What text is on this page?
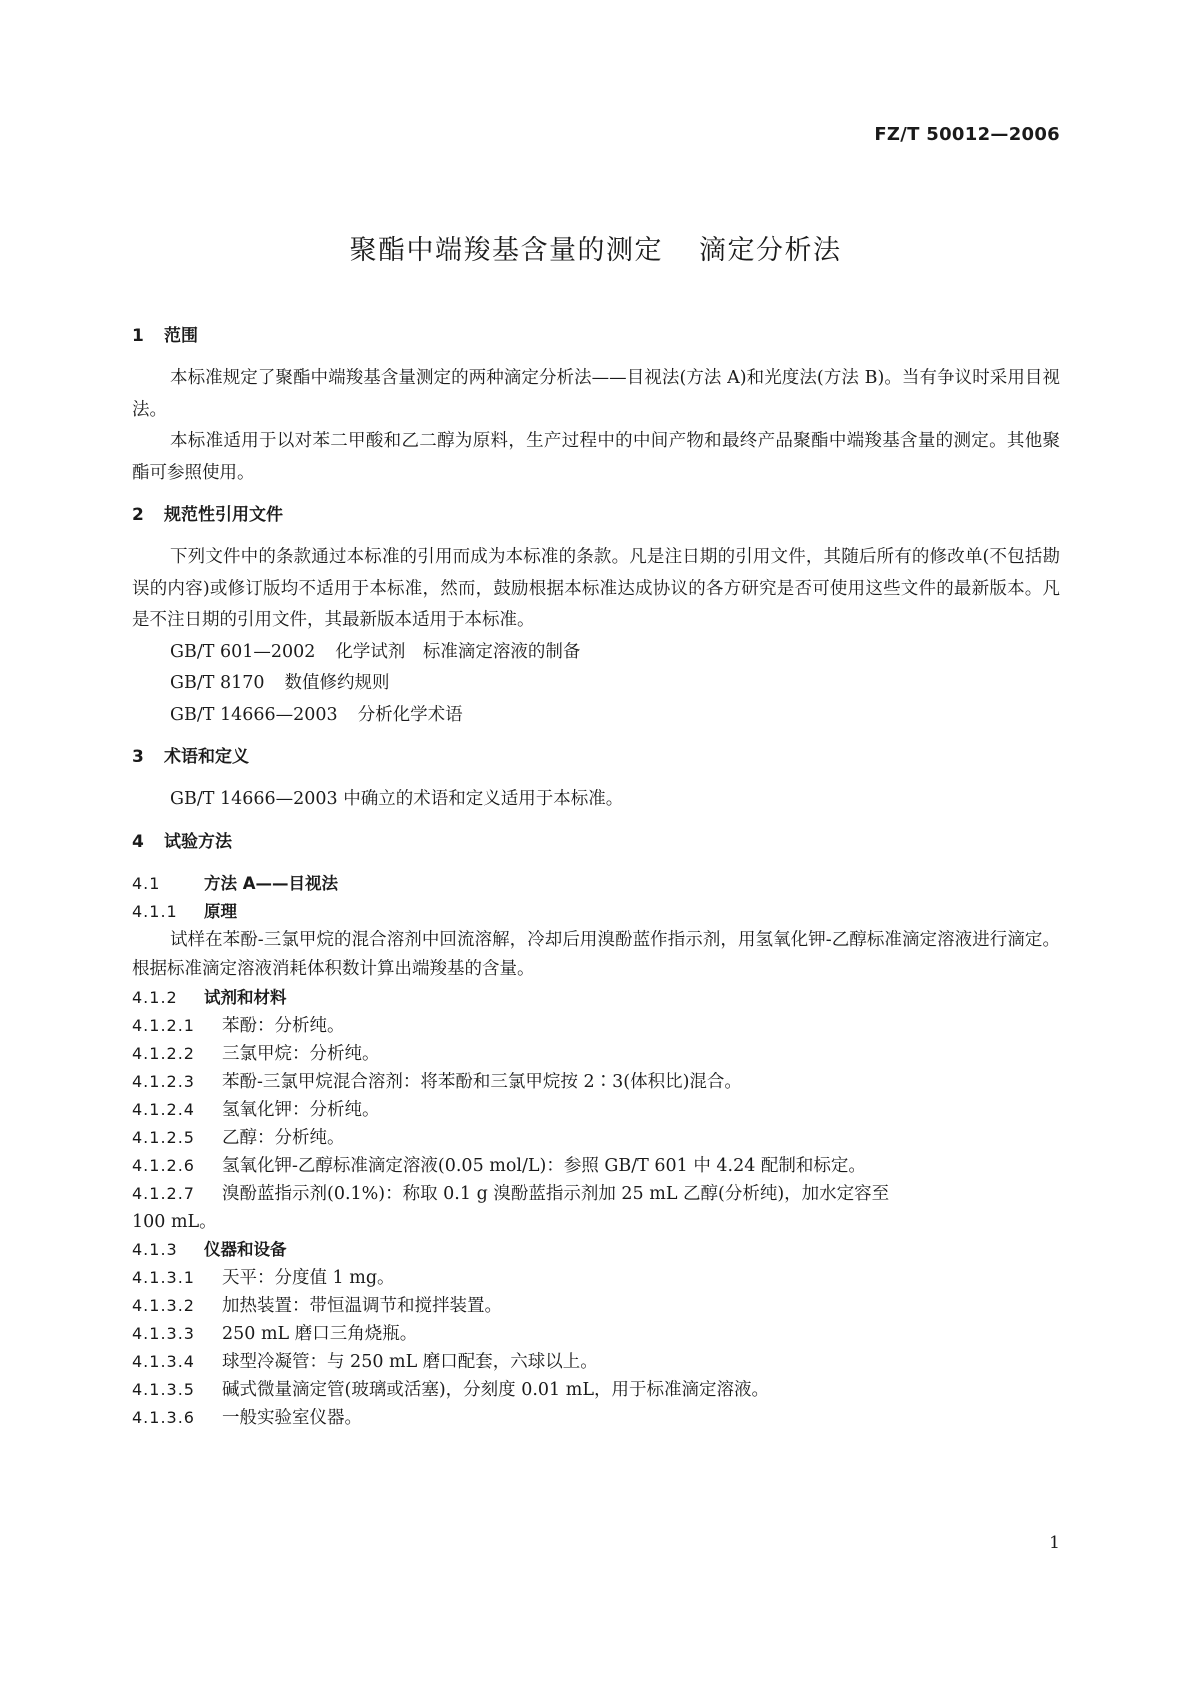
FZ/T 50012—2006
聚酯中端羧基含量的测定 滴定分析法
1 范围
本标准规定了聚酯中端羧基含量测定的两种滴定分析法——目视法(方法 A)和光度法(方法 B)。当有争议时采用目视法。
本标准适用于以对苯二甲酸和乙二醇为原料，生产过程中的中间产物和最终产品聚酯中端羧基含量的测定。其他聚酯可参照使用。
2 规范性引用文件
下列文件中的条款通过本标准的引用而成为本标准的条款。凡是注日期的引用文件，其随后所有的修改单(不包括勘误的内容)或修订版均不适用于本标准，然而，鼓励根据本标准达成协议的各方研究是否可使用这些文件的最新版本。凡是不注日期的引用文件，其最新版本适用于本标准。
GB/T 601—2002 化学试剂　标准滴定溶液的制备
GB/T 8170 数值修约规则
GB/T 14666—2003 分析化学术语
3 术语和定义
GB/T 14666—2003 中确立的术语和定义适用于本标准。
4 试验方法
4.1	方法 A——目视法
4.1.1 原理
试样在苯酚-三氯甲烷的混合溶剂中回流溶解，冷却后用溴酚蓝作指示剂，用氢氧化钾-乙醇标准滴定溶液进行滴定。根据标准滴定溶液消耗体积数计算出端羧基的含量。
4.1.2 试剂和材料
4.1.2.1 苯酚：分析纯。
4.1.2.2 三氯甲烷：分析纯。
4.1.2.3 苯酚-三氯甲烷混合溶剂：将苯酚和三氯甲烷按 2∶3(体积比)混合。
4.1.2.4 氢氧化钾：分析纯。
4.1.2.5 乙醇：分析纯。
4.1.2.6 氢氧化钾-乙醇标准滴定溶液(0.05 mol/L)：参照 GB/T 601 中 4.24 配制和标定。
4.1.2.7 溴酚蓝指示剂(0.1%)：称取 0.1 g 溴酚蓝指示剂加 25 mL 乙醇(分析纯)，加水定容至
100 mL。
4.1.3 仪器和设备
4.1.3.1 天平：分度值 1 mg。
4.1.3.2 加热装置：带恒温调节和搅拌装置。
4.1.3.3 250 mL 磨口三角烧瓶。
4.1.3.4 球型冷凝管：与 250 mL 磨口配套，六球以上。
4.1.3.5 碱式微量滴定管(玻璃或活塞)，分刻度 0.01 mL，用于标准滴定溶液。
4.1.3.6 一般实验室仪器。
1
